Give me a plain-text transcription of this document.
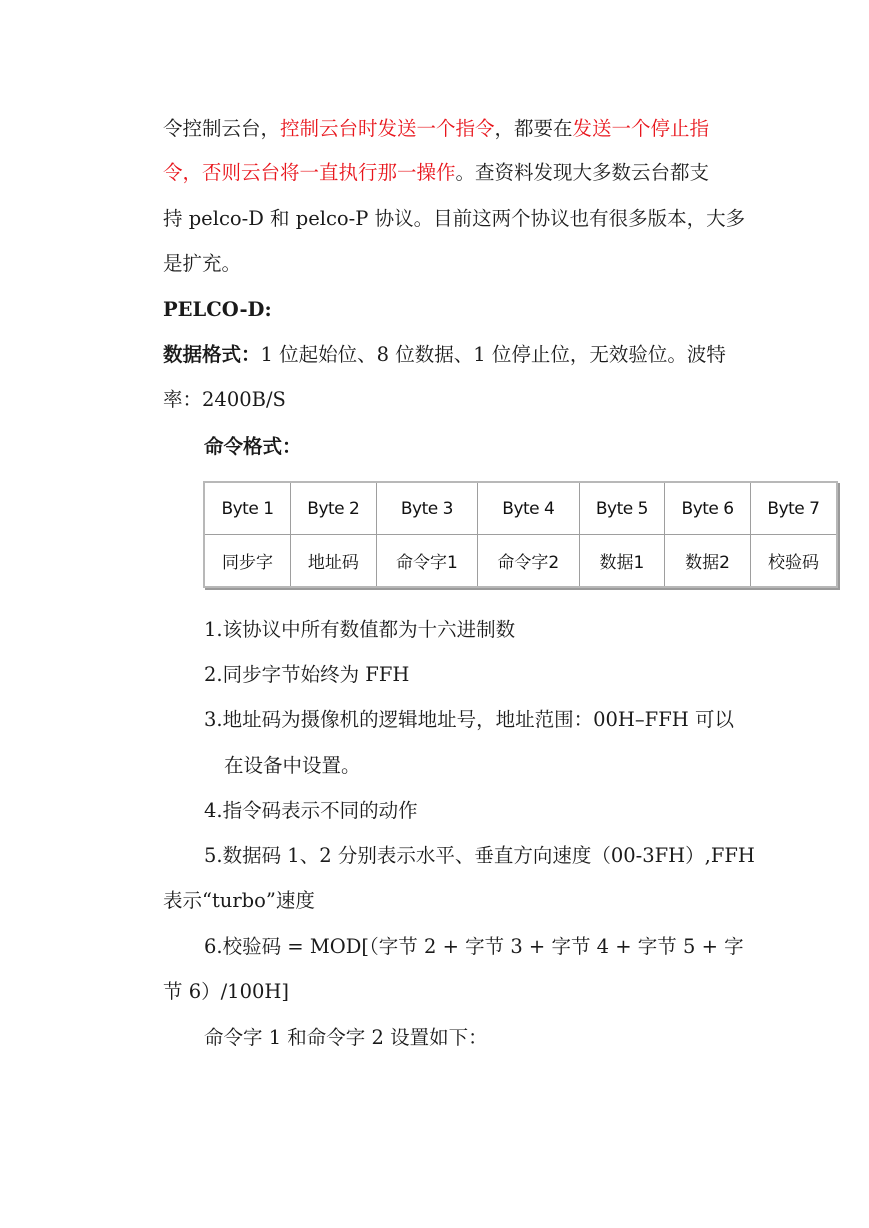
令控制云台，控制云台时发送一个指令，都要在发送一个停止指
令，否则云台将一直执行那一操作。查资料发现大多数云台都支
持 pelco-D 和 pelco-P 协议。目前这两个协议也有很多版本，大多
是扩充。
PELCO-D:
数据格式：1 位起始位、8 位数据、1 位停止位，无效验位。波特
率：2400B/S
命令格式：
Byte 1	Byte 2	Byte 3	Byte 4	Byte 5	Byte 6	Byte 7
同步字	地址码	命令字1	命令字2	数据1	数据2	校验码
1.该协议中所有数值都为十六进制数
2.同步字节始终为 FFH
3.地址码为摄像机的逻辑地址号，地址范围：00H–FFH 可以
在设备中设置。
4.指令码表示不同的动作
5.数据码 1、2 分别表示水平、垂直方向速度（00-3FH）,FFH
表示“turbo”速度
6.校验码 = MOD[（字节 2 + 字节 3 + 字节 4 + 字节 5 + 字
节 6）/100H]
命令字 1 和命令字 2 设置如下：
